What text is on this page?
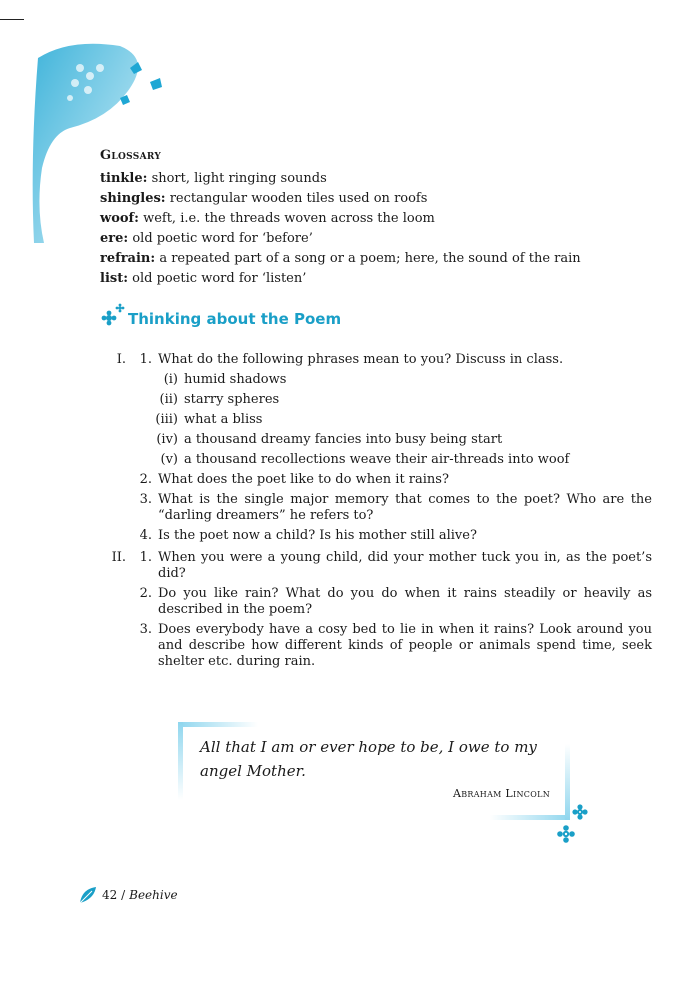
Glossary
tinkle: short, light ringing sounds
shingles: rectangular wooden tiles used on roofs
woof: weft, i.e. the threads woven across the loom
ere: old poetic word for ‘before’
refrain: a repeated part of a song or a poem; here, the sound of the rain
list: old poetic word for ‘listen’
Thinking about the Poem
I.	1. What do the following phrases mean to you? Discuss in class.
(i) humid shadows
(ii) starry spheres
(iii) what a bliss
(iv) a thousand dreamy fancies into busy being start
(v) a thousand recollections weave their air-threads into woof
2. What does the poet like to do when it rains?
3. What is the single major memory that comes to the poet? Who are the “darling dreamers” he refers to?
4. Is the poet now a child? Is his mother still alive?
II.	1. When you were a young child, did your mother tuck you in, as the poet’s did?
2. Do you like rain? What do you do when it rains steadily or heavily as described in the poem?
3. Does everybody have a cosy bed to lie in when it rains? Look around you and describe how different kinds of people or animals spend time, seek shelter etc. during rain.
All that I am or ever hope to be, I owe to my angel Mother.
Abraham Lincoln
42 / Beehive
